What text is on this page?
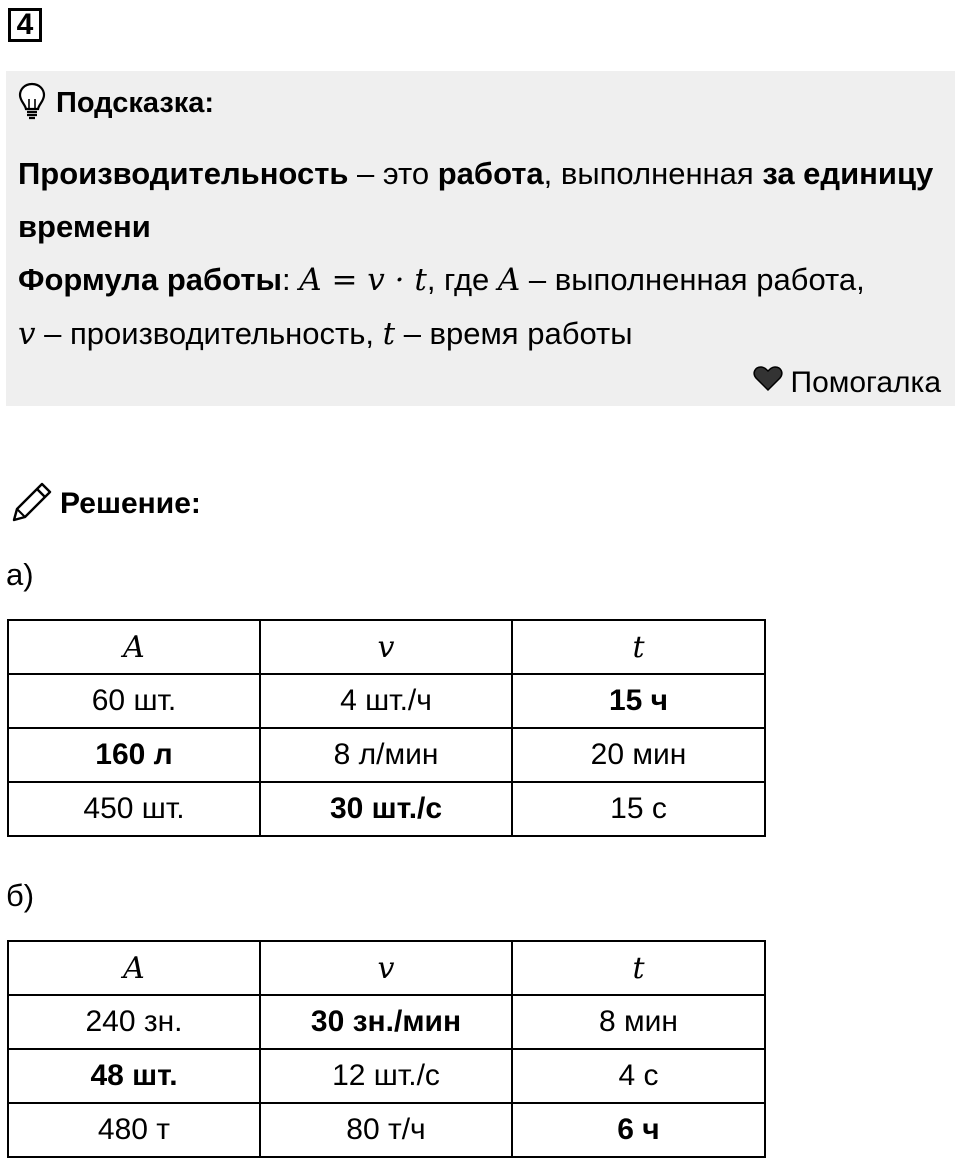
4
Подсказка:
Производительность – это работа, выполненная за единицу времени
Формула работы: A = v · t, где A – выполненная работа,
v – производительность, t – время работы
Помогалка
Решение:
а)
A	v	t
60 шт.	4 шт./ч	15 ч
160 л	8 л/мин	20 мин
450 шт.	30 шт./с	15 с
б)
A	v	t
240 зн.	30 зн./мин	8 мин
48 шт.	12 шт./с	4 с
480 т	80 т/ч	6 ч
